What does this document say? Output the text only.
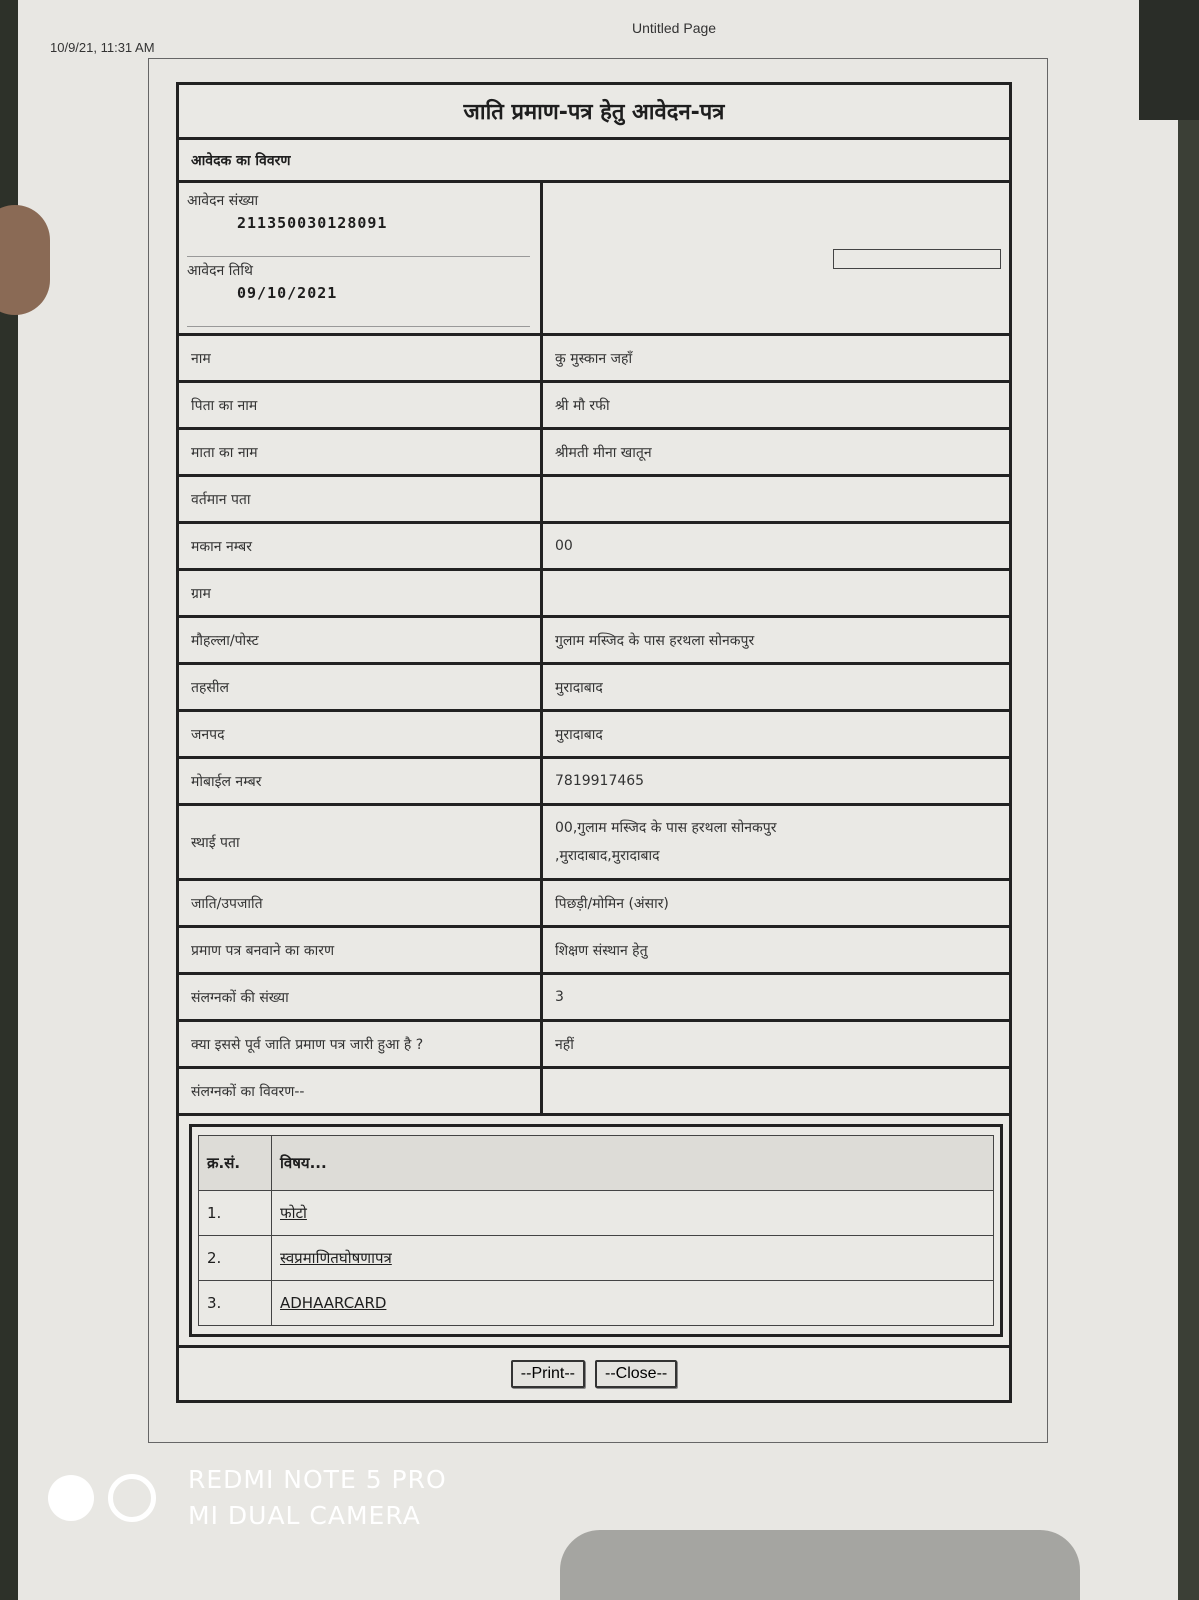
10/9/21, 11:31 AM
Untitled Page
जाति प्रमाण-पत्र हेतु आवेदन-पत्र
आवेदक का विवरण
आवेदन संख्या
211350030128091
आवेदन तिथि
09/10/2021
नाम	कु मुस्कान जहाँ
पिता का नाम	श्री मौ रफी
माता का नाम	श्रीमती मीना खातून
वर्तमान पता
मकान नम्बर	00
ग्राम
मौहल्ला/पोस्ट	गुलाम मस्जिद के पास हरथला सोनकपुर
तहसील	मुरादाबाद
जनपद	मुरादाबाद
मोबाईल नम्बर	7819917465
स्थाई पता
00,गुलाम मस्जिद के पास हरथला सोनकपुर
,मुरादाबाद,मुरादाबाद
जाति/उपजाति	पिछड़ी/मोमिन (अंसार)
प्रमाण पत्र बनवाने का कारण	शिक्षण संस्थान हेतु
संलग्नकों की संख्या	3
क्या इससे पूर्व जाति प्रमाण पत्र जारी हुआ है ?	नहीं
संलग्नकों का विवरण--
क्र.सं.	विषय...
1.	फोटो
2.	स्वप्रमाणितघोषणापत्र
3.	ADHAARCARD
--Print--	--Close--
REDMI NOTE 5 PRO
MI DUAL CAMERA
